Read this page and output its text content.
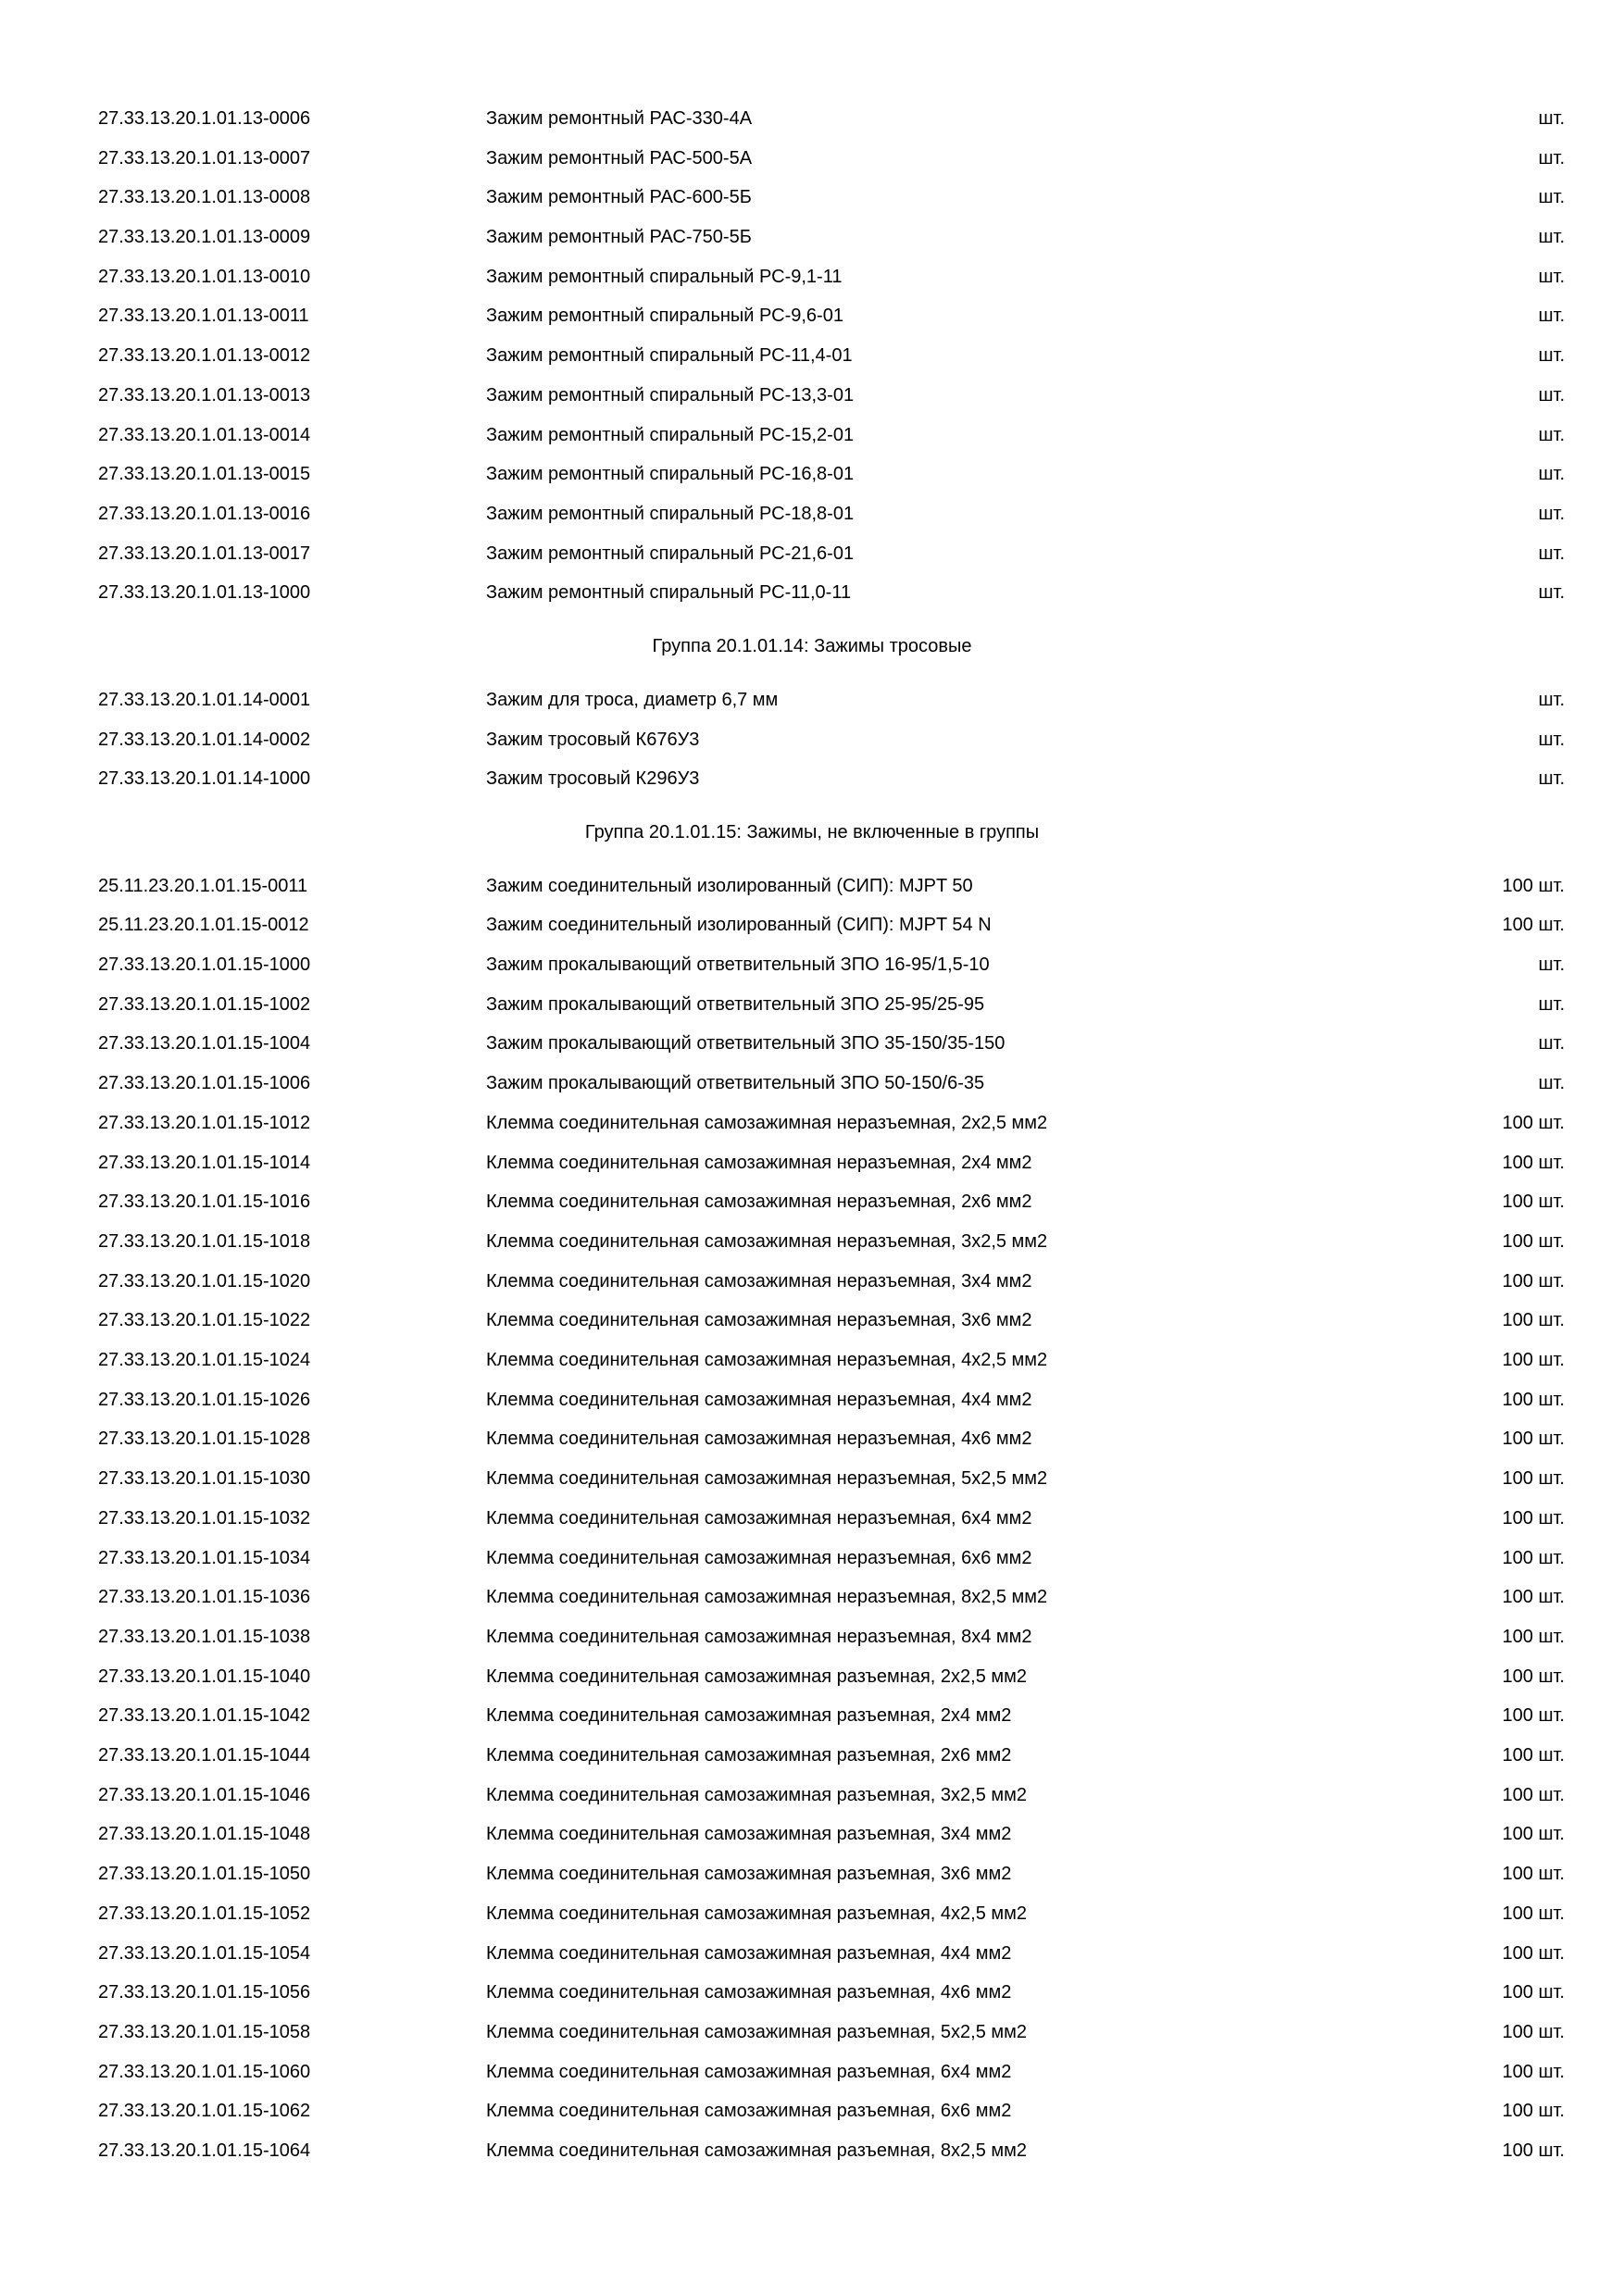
27.33.13.20.1.01.13-0006	Зажим ремонтный РАС-330-4А	шт.
27.33.13.20.1.01.13-0007	Зажим ремонтный РАС-500-5А	шт.
27.33.13.20.1.01.13-0008	Зажим ремонтный РАС-600-5Б	шт.
27.33.13.20.1.01.13-0009	Зажим ремонтный РАС-750-5Б	шт.
27.33.13.20.1.01.13-0010	Зажим ремонтный спиральный РС-9,1-11	шт.
27.33.13.20.1.01.13-0011	Зажим ремонтный спиральный РС-9,6-01	шт.
27.33.13.20.1.01.13-0012	Зажим ремонтный спиральный РС-11,4-01	шт.
27.33.13.20.1.01.13-0013	Зажим ремонтный спиральный РС-13,3-01	шт.
27.33.13.20.1.01.13-0014	Зажим ремонтный спиральный РС-15,2-01	шт.
27.33.13.20.1.01.13-0015	Зажим ремонтный спиральный РС-16,8-01	шт.
27.33.13.20.1.01.13-0016	Зажим ремонтный спиральный РС-18,8-01	шт.
27.33.13.20.1.01.13-0017	Зажим ремонтный спиральный РС-21,6-01	шт.
27.33.13.20.1.01.13-1000	Зажим ремонтный спиральный РС-11,0-11	шт.
Группа 20.1.01.14: Зажимы тросовые
27.33.13.20.1.01.14-0001	Зажим для троса, диаметр 6,7 мм	шт.
27.33.13.20.1.01.14-0002	Зажим тросовый К676У3	шт.
27.33.13.20.1.01.14-1000	Зажим тросовый К296У3	шт.
Группа 20.1.01.15: Зажимы, не включенные в группы
25.11.23.20.1.01.15-0011	Зажим соединительный изолированный (СИП): MJPT 50	100 шт.
25.11.23.20.1.01.15-0012	Зажим соединительный изолированный (СИП): MJPT 54 N	100 шт.
27.33.13.20.1.01.15-1000	Зажим прокалывающий ответвительный ЗПО 16-95/1,5-10	шт.
27.33.13.20.1.01.15-1002	Зажим прокалывающий ответвительный ЗПО 25-95/25-95	шт.
27.33.13.20.1.01.15-1004	Зажим прокалывающий ответвительный ЗПО 35-150/35-150	шт.
27.33.13.20.1.01.15-1006	Зажим прокалывающий ответвительный ЗПО 50-150/6-35	шт.
27.33.13.20.1.01.15-1012	Клемма соединительная самозажимная неразъемная, 2х2,5 мм2	100 шт.
27.33.13.20.1.01.15-1014	Клемма соединительная самозажимная неразъемная, 2х4 мм2	100 шт.
27.33.13.20.1.01.15-1016	Клемма соединительная самозажимная неразъемная, 2х6 мм2	100 шт.
27.33.13.20.1.01.15-1018	Клемма соединительная самозажимная неразъемная, 3х2,5 мм2	100 шт.
27.33.13.20.1.01.15-1020	Клемма соединительная самозажимная неразъемная, 3х4 мм2	100 шт.
27.33.13.20.1.01.15-1022	Клемма соединительная самозажимная неразъемная, 3х6 мм2	100 шт.
27.33.13.20.1.01.15-1024	Клемма соединительная самозажимная неразъемная, 4х2,5 мм2	100 шт.
27.33.13.20.1.01.15-1026	Клемма соединительная самозажимная неразъемная, 4х4 мм2	100 шт.
27.33.13.20.1.01.15-1028	Клемма соединительная самозажимная неразъемная, 4х6 мм2	100 шт.
27.33.13.20.1.01.15-1030	Клемма соединительная самозажимная неразъемная, 5х2,5 мм2	100 шт.
27.33.13.20.1.01.15-1032	Клемма соединительная самозажимная неразъемная, 6х4 мм2	100 шт.
27.33.13.20.1.01.15-1034	Клемма соединительная самозажимная неразъемная, 6х6 мм2	100 шт.
27.33.13.20.1.01.15-1036	Клемма соединительная самозажимная неразъемная, 8х2,5 мм2	100 шт.
27.33.13.20.1.01.15-1038	Клемма соединительная самозажимная неразъемная, 8х4 мм2	100 шт.
27.33.13.20.1.01.15-1040	Клемма соединительная самозажимная разъемная, 2х2,5 мм2	100 шт.
27.33.13.20.1.01.15-1042	Клемма соединительная самозажимная разъемная, 2х4 мм2	100 шт.
27.33.13.20.1.01.15-1044	Клемма соединительная самозажимная разъемная, 2х6 мм2	100 шт.
27.33.13.20.1.01.15-1046	Клемма соединительная самозажимная разъемная, 3х2,5 мм2	100 шт.
27.33.13.20.1.01.15-1048	Клемма соединительная самозажимная разъемная, 3х4 мм2	100 шт.
27.33.13.20.1.01.15-1050	Клемма соединительная самозажимная разъемная, 3х6 мм2	100 шт.
27.33.13.20.1.01.15-1052	Клемма соединительная самозажимная разъемная, 4х2,5 мм2	100 шт.
27.33.13.20.1.01.15-1054	Клемма соединительная самозажимная разъемная, 4х4 мм2	100 шт.
27.33.13.20.1.01.15-1056	Клемма соединительная самозажимная разъемная, 4х6 мм2	100 шт.
27.33.13.20.1.01.15-1058	Клемма соединительная самозажимная разъемная, 5х2,5 мм2	100 шт.
27.33.13.20.1.01.15-1060	Клемма соединительная самозажимная разъемная, 6х4 мм2	100 шт.
27.33.13.20.1.01.15-1062	Клемма соединительная самозажимная разъемная, 6х6 мм2	100 шт.
27.33.13.20.1.01.15-1064	Клемма соединительная самозажимная разъемная, 8х2,5 мм2	100 шт.
